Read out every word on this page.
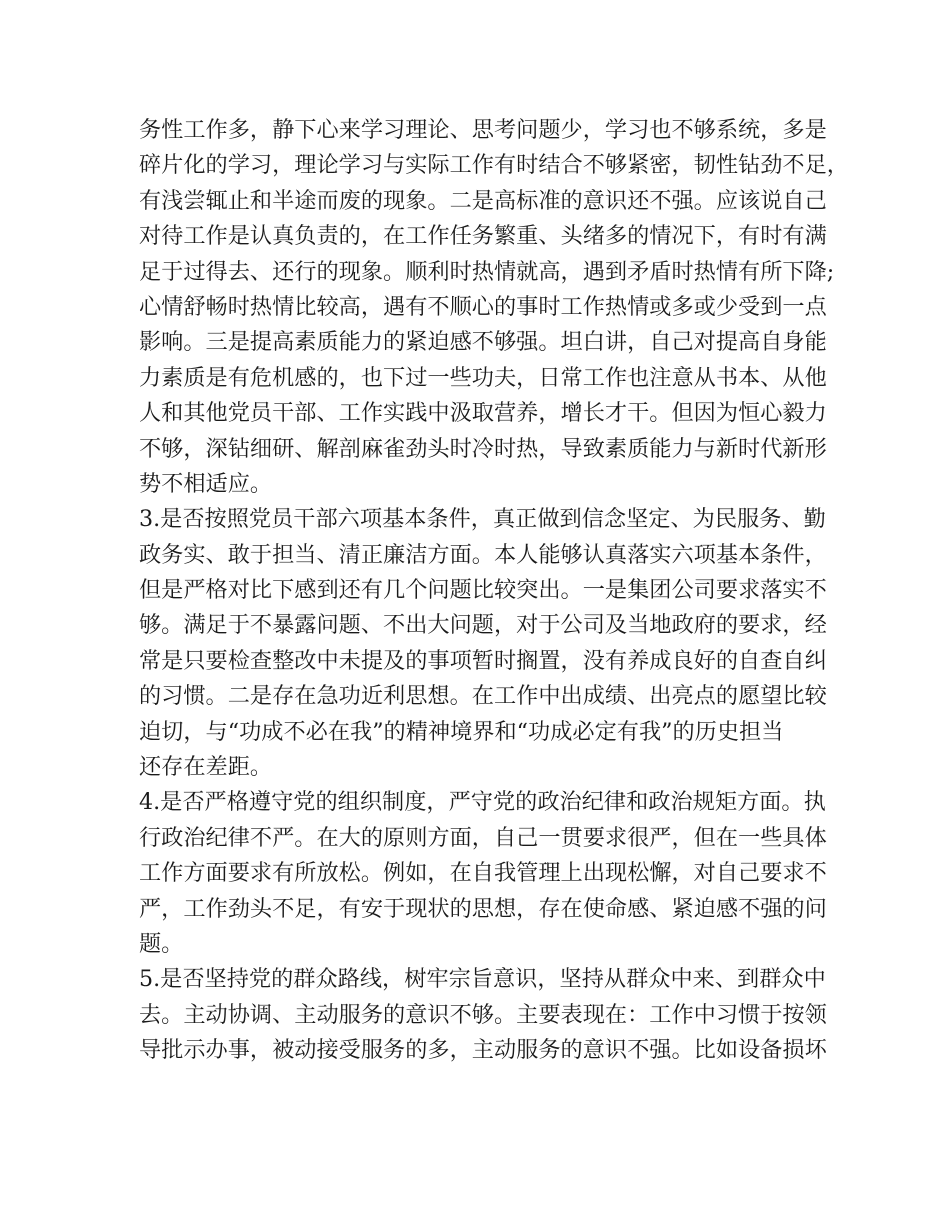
务性工作多，静下心来学习理论、思考问题少，学习也不够系统，多是
碎片化的学习，理论学习与实际工作有时结合不够紧密，韧性钻劲不足，
有浅尝辄止和半途而废的现象。二是高标准的意识还不强。应该说自己
对待工作是认真负责的，在工作任务繁重、头绪多的情况下，有时有满
足于过得去、还行的现象。顺利时热情就高，遇到矛盾时热情有所下降;
心情舒畅时热情比较高，遇有不顺心的事时工作热情或多或少受到一点
影响。三是提高素质能力的紧迫感不够强。坦白讲，自己对提高自身能
力素质是有危机感的，也下过一些功夫，日常工作也注意从书本、从他
人和其他党员干部、工作实践中汲取营养，增长才干。但因为恒心毅力
不够，深钻细研、解剖麻雀劲头时冷时热，导致素质能力与新时代新形
势不相适应。
3.是否按照党员干部六项基本条件，真正做到信念坚定、为民服务、勤
政务实、敢于担当、清正廉洁方面。本人能够认真落实六项基本条件，
但是严格对比下感到还有几个问题比较突出。一是集团公司要求落实不
够。满足于不暴露问题、不出大问题，对于公司及当地政府的要求，经
常是只要检查整改中未提及的事项暂时搁置，没有养成良好的自查自纠
的习惯。二是存在急功近利思想。在工作中出成绩、出亮点的愿望比较
迫切，与“功成不必在我”的精神境界和“功成必定有我”的历史担当
还存在差距。
4.是否严格遵守党的组织制度，严守党的政治纪律和政治规矩方面。执
行政治纪律不严。在大的原则方面，自己一贯要求很严，但在一些具体
工作方面要求有所放松。例如，在自我管理上出现松懈，对自己要求不
严，工作劲头不足，有安于现状的思想，存在使命感、紧迫感不强的问
题。
5.是否坚持党的群众路线，树牢宗旨意识，坚持从群众中来、到群众中
去。主动协调、主动服务的意识不够。主要表现在：工作中习惯于按领
导批示办事，被动接受服务的多，主动服务的意识不强。比如设备损坏
